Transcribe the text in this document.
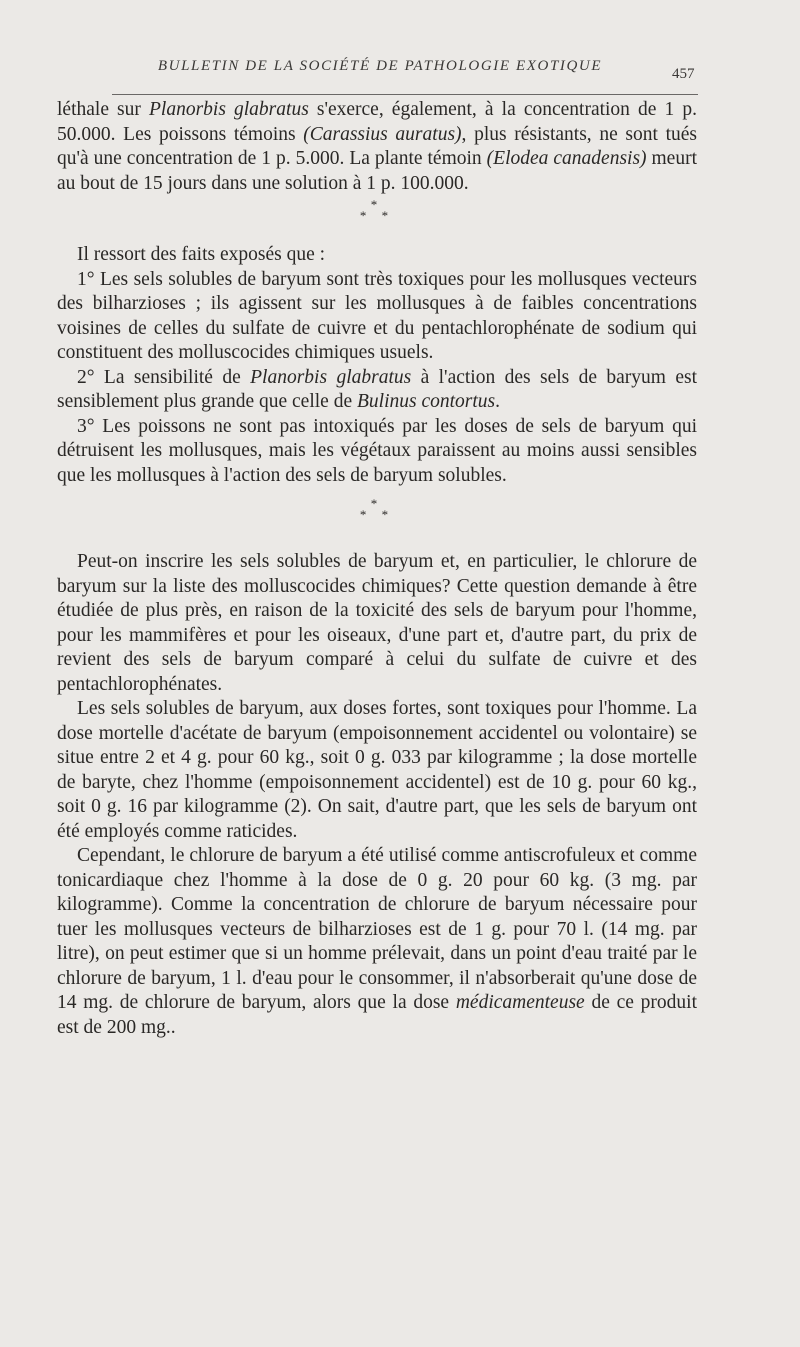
BULLETIN DE LA SOCIÉTÉ DE PATHOLOGIE EXOTIQUE	457

léthale sur Planorbis glabratus s'exerce, également, à la concentration de 1 p. 50.000. Les poissons témoins (Carassius auratus), plus résistants, ne sont tués qu'à une concentration de 1 p. 5.000. La plante témoin (Elodea canadensis) meurt au bout de 15 jours dans une solution à 1 p. 100.000.

*
* *

Il ressort des faits exposés que :

1° Les sels solubles de baryum sont très toxiques pour les mollusques vecteurs des bilharzioses ; ils agissent sur les mollusques à de faibles concentrations voisines de celles du sulfate de cuivre et du pentachlorophénate de sodium qui constituent des molluscocides chimiques usuels.

2° La sensibilité de Planorbis glabratus à l'action des sels de baryum est sensiblement plus grande que celle de Bulinus contortus.

3° Les poissons ne sont pas intoxiqués par les doses de sels de baryum qui détruisent les mollusques, mais les végétaux paraissent au moins aussi sensibles que les mollusques à l'action des sels de baryum solubles.

*
* *

Peut-on inscrire les sels solubles de baryum et, en particulier, le chlorure de baryum sur la liste des molluscocides chimiques? Cette question demande à être étudiée de plus près, en raison de la toxicité des sels de baryum pour l'homme, pour les mammifères et pour les oiseaux, d'une part et, d'autre part, du prix de revient des sels de baryum comparé à celui du sulfate de cuivre et des pentachlorophénates.

Les sels solubles de baryum, aux doses fortes, sont toxiques pour l'homme. La dose mortelle d'acétate de baryum (empoisonnement accidentel ou volontaire) se situe entre 2 et 4 g. pour 60 kg., soit 0 g. 033 par kilogramme ; la dose mortelle de baryte, chez l'homme (empoisonnement accidentel) est de 10 g. pour 60 kg., soit 0 g. 16 par kilogramme (2). On sait, d'autre part, que les sels de baryum ont été employés comme raticides.

Cependant, le chlorure de baryum a été utilisé comme antiscrofuleux et comme tonicardiaque chez l'homme à la dose de 0 g. 20 pour 60 kg. (3 mg. par kilogramme). Comme la concentration de chlorure de baryum nécessaire pour tuer les mollusques vecteurs de bilharzioses est de 1 g. pour 70 l. (14 mg. par litre), on peut estimer que si un homme prélevait, dans un point d'eau traité par le chlorure de baryum, 1 l. d'eau pour le consommer, il n'absorberait qu'une dose de 14 mg. de chlorure de baryum, alors que la dose médicamenteuse de ce produit est de 200 mg..
